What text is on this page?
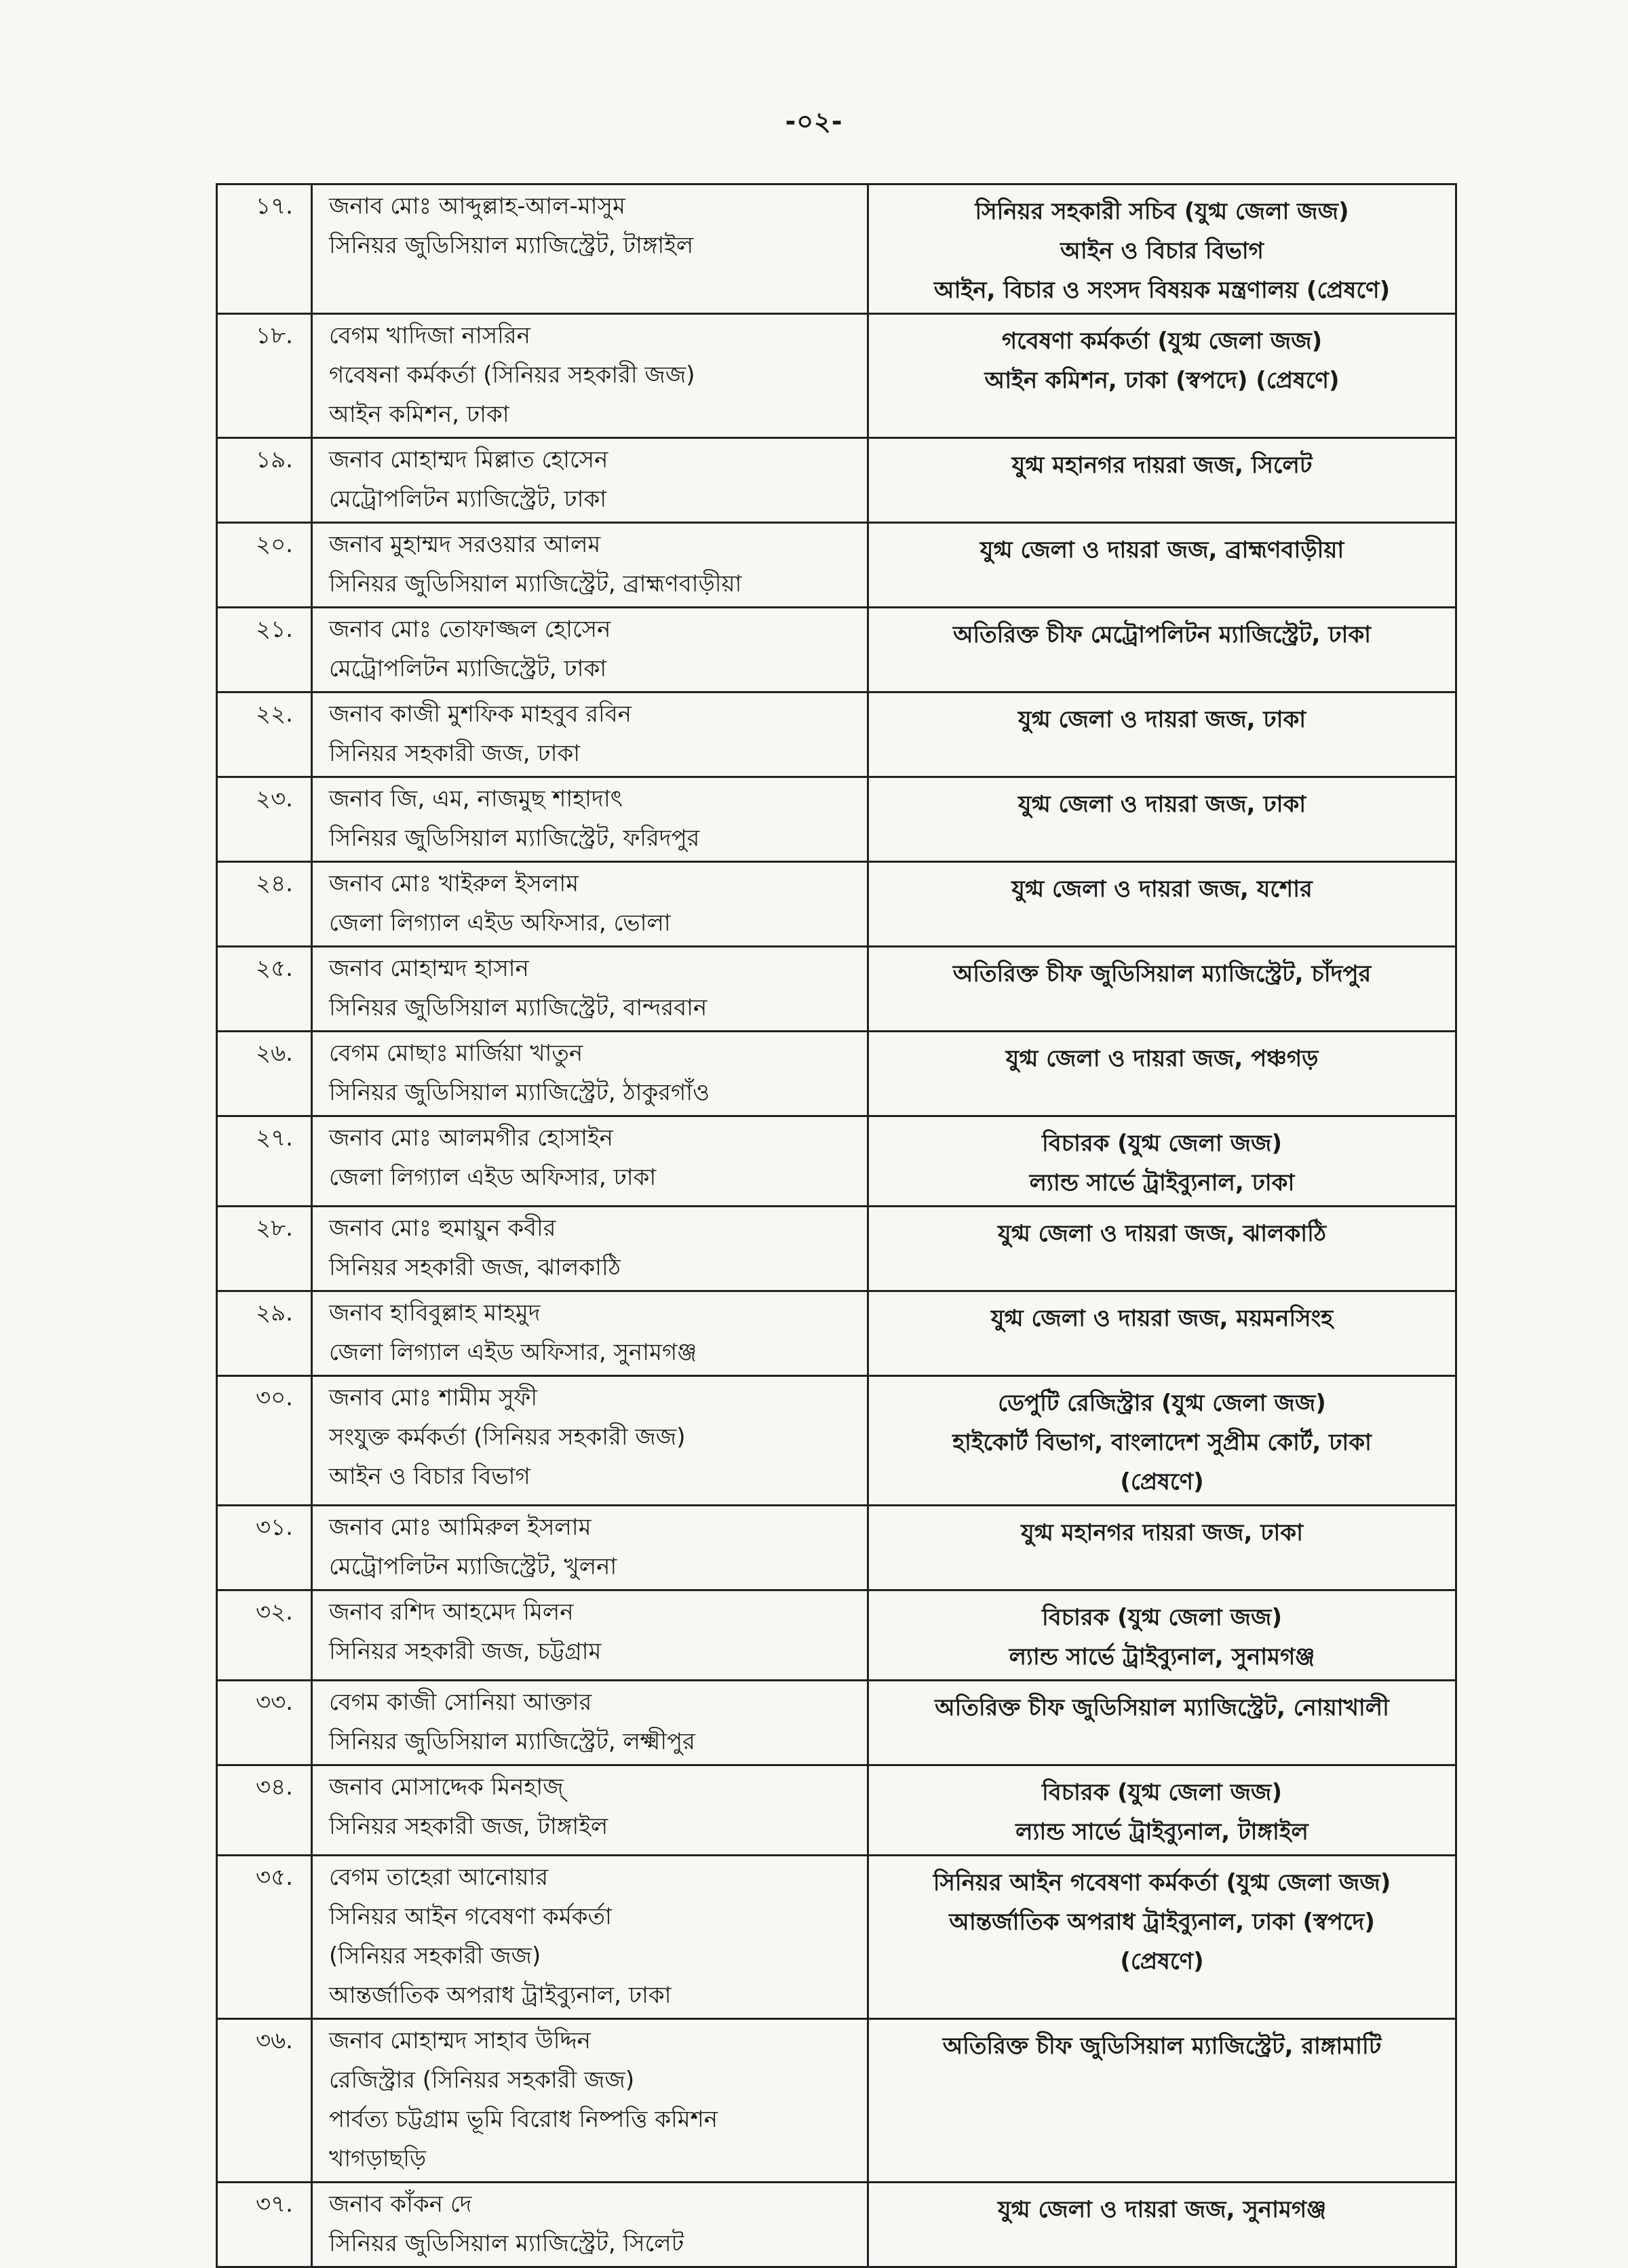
-০২-
১৭.	জনাব মোঃ আব্দুল্লাহ-আল-মাসুম
সিনিয়র জুডিসিয়াল ম্যাজিস্ট্রেট, টাঙ্গাইল	সিনিয়র সহকারী সচিব (যুগ্ম জেলা জজ)
আইন ও বিচার বিভাগ
আইন, বিচার ও সংসদ বিষয়ক মন্ত্রণালয় (প্রেষণে)

১৮.	বেগম খাদিজা নাসরিন
গবেষনা কর্মকর্তা (সিনিয়র সহকারী জজ)
আইন কমিশন, ঢাকা	গবেষণা কর্মকর্তা (যুগ্ম জেলা জজ)
আইন কমিশন, ঢাকা (স্বপদে) (প্রেষণে)

১৯.	জনাব মোহাম্মদ মিল্লাত হোসেন
মেট্রোপলিটন ম্যাজিস্ট্রেট, ঢাকা	যুগ্ম মহানগর দায়রা জজ, সিলেট

২০.	জনাব মুহাম্মদ সরওয়ার আলম
সিনিয়র জুডিসিয়াল ম্যাজিস্ট্রেট, ব্রাহ্মণবাড়ীয়া	যুগ্ম জেলা ও দায়রা জজ, ব্রাহ্মণবাড়ীয়া

২১.	জনাব মোঃ তোফাজ্জল হোসেন
মেট্রোপলিটন ম্যাজিস্ট্রেট, ঢাকা	অতিরিক্ত চীফ মেট্রোপলিটন ম্যাজিস্ট্রেট, ঢাকা

২২.	জনাব কাজী মুশফিক মাহবুব রবিন
সিনিয়র সহকারী জজ, ঢাকা	যুগ্ম জেলা ও দায়রা জজ, ঢাকা

২৩.	জনাব জি, এম, নাজমুছ শাহাদাৎ
সিনিয়র জুডিসিয়াল ম্যাজিস্ট্রেট, ফরিদপুর	যুগ্ম জেলা ও দায়রা জজ, ঢাকা

২৪.	জনাব মোঃ খাইরুল ইসলাম
জেলা লিগ্যাল এইড অফিসার, ভোলা	যুগ্ম জেলা ও দায়রা জজ, যশোর

২৫.	জনাব মোহাম্মদ হাসান
সিনিয়র জুডিসিয়াল ম্যাজিস্ট্রেট, বান্দরবান	অতিরিক্ত চীফ জুডিসিয়াল ম্যাজিস্ট্রেট, চাঁদপুর

২৬.	বেগম মোছাঃ মার্জিয়া খাতুন
সিনিয়র জুডিসিয়াল ম্যাজিস্ট্রেট, ঠাকুরগাঁও	যুগ্ম জেলা ও দায়রা জজ, পঞ্চগড়

২৭.	জনাব মোঃ আলমগীর হোসাইন
জেলা লিগ্যাল এইড অফিসার, ঢাকা	বিচারক (যুগ্ম জেলা জজ)
ল্যান্ড সার্ভে ট্রাইব্যুনাল, ঢাকা

২৮.	জনাব মোঃ হুমায়ুন কবীর
সিনিয়র সহকারী জজ, ঝালকাঠি	যুগ্ম জেলা ও দায়রা জজ, ঝালকাঠি

২৯.	জনাব হাবিবুল্লাহ মাহমুদ
জেলা লিগ্যাল এইড অফিসার, সুনামগঞ্জ	যুগ্ম জেলা ও দায়রা জজ, ময়মনসিংহ

৩০.	জনাব মোঃ শামীম সুফী
সংযুক্ত কর্মকর্তা (সিনিয়র সহকারী জজ)
আইন ও বিচার বিভাগ	ডেপুটি রেজিস্ট্রার (যুগ্ম জেলা জজ)
হাইকোর্ট বিভাগ, বাংলাদেশ সুপ্রীম কোর্ট, ঢাকা
(প্রেষণে)

৩১.	জনাব মোঃ আমিরুল ইসলাম
মেট্রোপলিটন ম্যাজিস্ট্রেট, খুলনা	যুগ্ম মহানগর দায়রা জজ, ঢাকা

৩২.	জনাব রশিদ আহমেদ মিলন
সিনিয়র সহকারী জজ, চট্টগ্রাম	বিচারক (যুগ্ম জেলা জজ)
ল্যান্ড সার্ভে ট্রাইব্যুনাল, সুনামগঞ্জ

৩৩.	বেগম কাজী সোনিয়া আক্তার
সিনিয়র জুডিসিয়াল ম্যাজিস্ট্রেট, লক্ষ্মীপুর	অতিরিক্ত চীফ জুডিসিয়াল ম্যাজিস্ট্রেট, নোয়াখালী

৩৪.	জনাব মোসাদ্দেক মিনহাজ্
সিনিয়র সহকারী জজ, টাঙ্গাইল	বিচারক (যুগ্ম জেলা জজ)
ল্যান্ড সার্ভে ট্রাইব্যুনাল, টাঙ্গাইল

৩৫.	বেগম তাহেরা আনোয়ার
সিনিয়র আইন গবেষণা কর্মকর্তা
(সিনিয়র সহকারী জজ)
আন্তর্জাতিক অপরাধ ট্রাইব্যুনাল, ঢাকা	সিনিয়র আইন গবেষণা কর্মকর্তা (যুগ্ম জেলা জজ)
আন্তর্জাতিক অপরাধ ট্রাইব্যুনাল, ঢাকা (স্বপদে)
(প্রেষণে)

৩৬.	জনাব মোহাম্মদ সাহাব উদ্দিন
রেজিস্ট্রার (সিনিয়র সহকারী জজ)
পার্বত্য চট্টগ্রাম ভূমি বিরোধ নিষ্পত্তি কমিশন
খাগড়াছড়ি	অতিরিক্ত চীফ জুডিসিয়াল ম্যাজিস্ট্রেট, রাঙ্গামাটি

৩৭.	জনাব কাঁকন দে
সিনিয়র জুডিসিয়াল ম্যাজিস্ট্রেট, সিলেট	যুগ্ম জেলা ও দায়রা জজ, সুনামগঞ্জ
